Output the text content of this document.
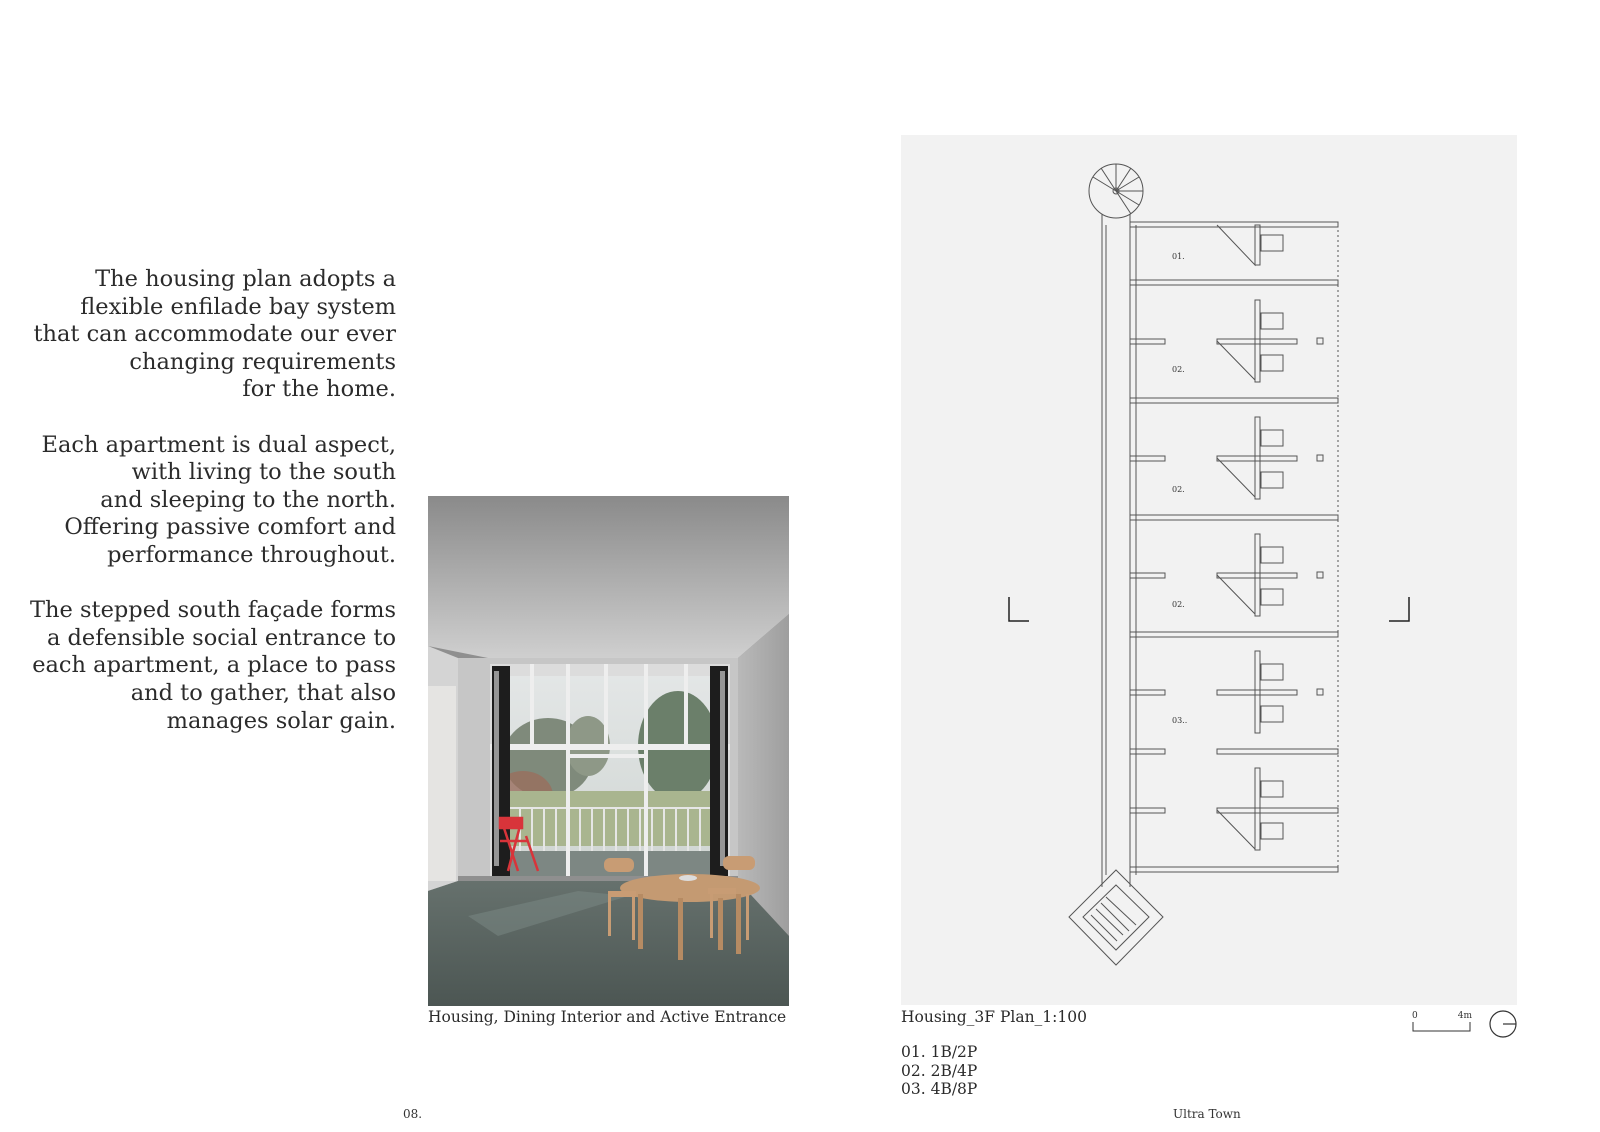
The housing plan adopts a
flexible enfilade bay system
that can accommodate our ever
changing requirements
for the home.

Each apartment is dual aspect,
with living to the south
and sleeping to the north.
Offering passive comfort and
performance throughout.

The stepped south façade forms
a defensible social entrance to
each apartment, a place to pass
and to gather, that also
manages solar gain.

Housing, Dining Interior and Active Entrance
01.
02.
02.
02.
03..
Housing_3F Plan_1:100
01. 1B/2P
02. 2B/4P
03. 4B/8P
0	4m
08.	Ultra Town
